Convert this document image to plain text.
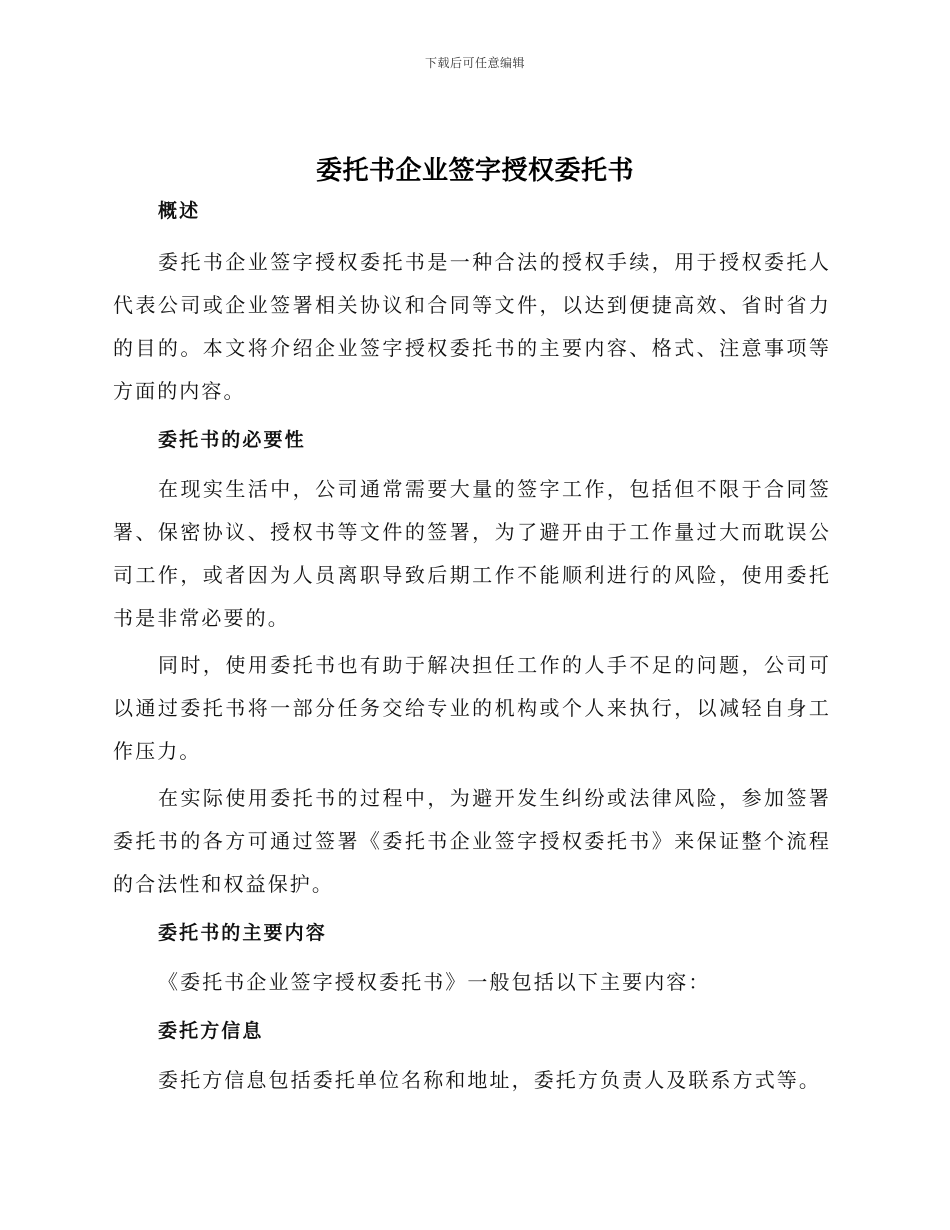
下载后可任意编辑
委托书企业签字授权委托书
概述

委托书企业签字授权委托书是一种合法的授权手续，用于授权委托人代表公司或企业签署相关协议和合同等文件，以达到便捷高效、省时省力的目的。本文将介绍企业签字授权委托书的主要内容、格式、注意事项等方面的内容。

委托书的必要性

在现实生活中，公司通常需要大量的签字工作，包括但不限于合同签署、保密协议、授权书等文件的签署，为了避开由于工作量过大而耽误公司工作，或者因为人员离职导致后期工作不能顺利进行的风险，使用委托书是非常必要的。

同时，使用委托书也有助于解决担任工作的人手不足的问题，公司可以通过委托书将一部分任务交给专业的机构或个人来执行，以减轻自身工作压力。

在实际使用委托书的过程中，为避开发生纠纷或法律风险，参加签署委托书的各方可通过签署《委托书企业签字授权委托书》来保证整个流程的合法性和权益保护。

委托书的主要内容

《委托书企业签字授权委托书》一般包括以下主要内容：

委托方信息

委托方信息包括委托单位名称和地址，委托方负责人及联系方式等。
